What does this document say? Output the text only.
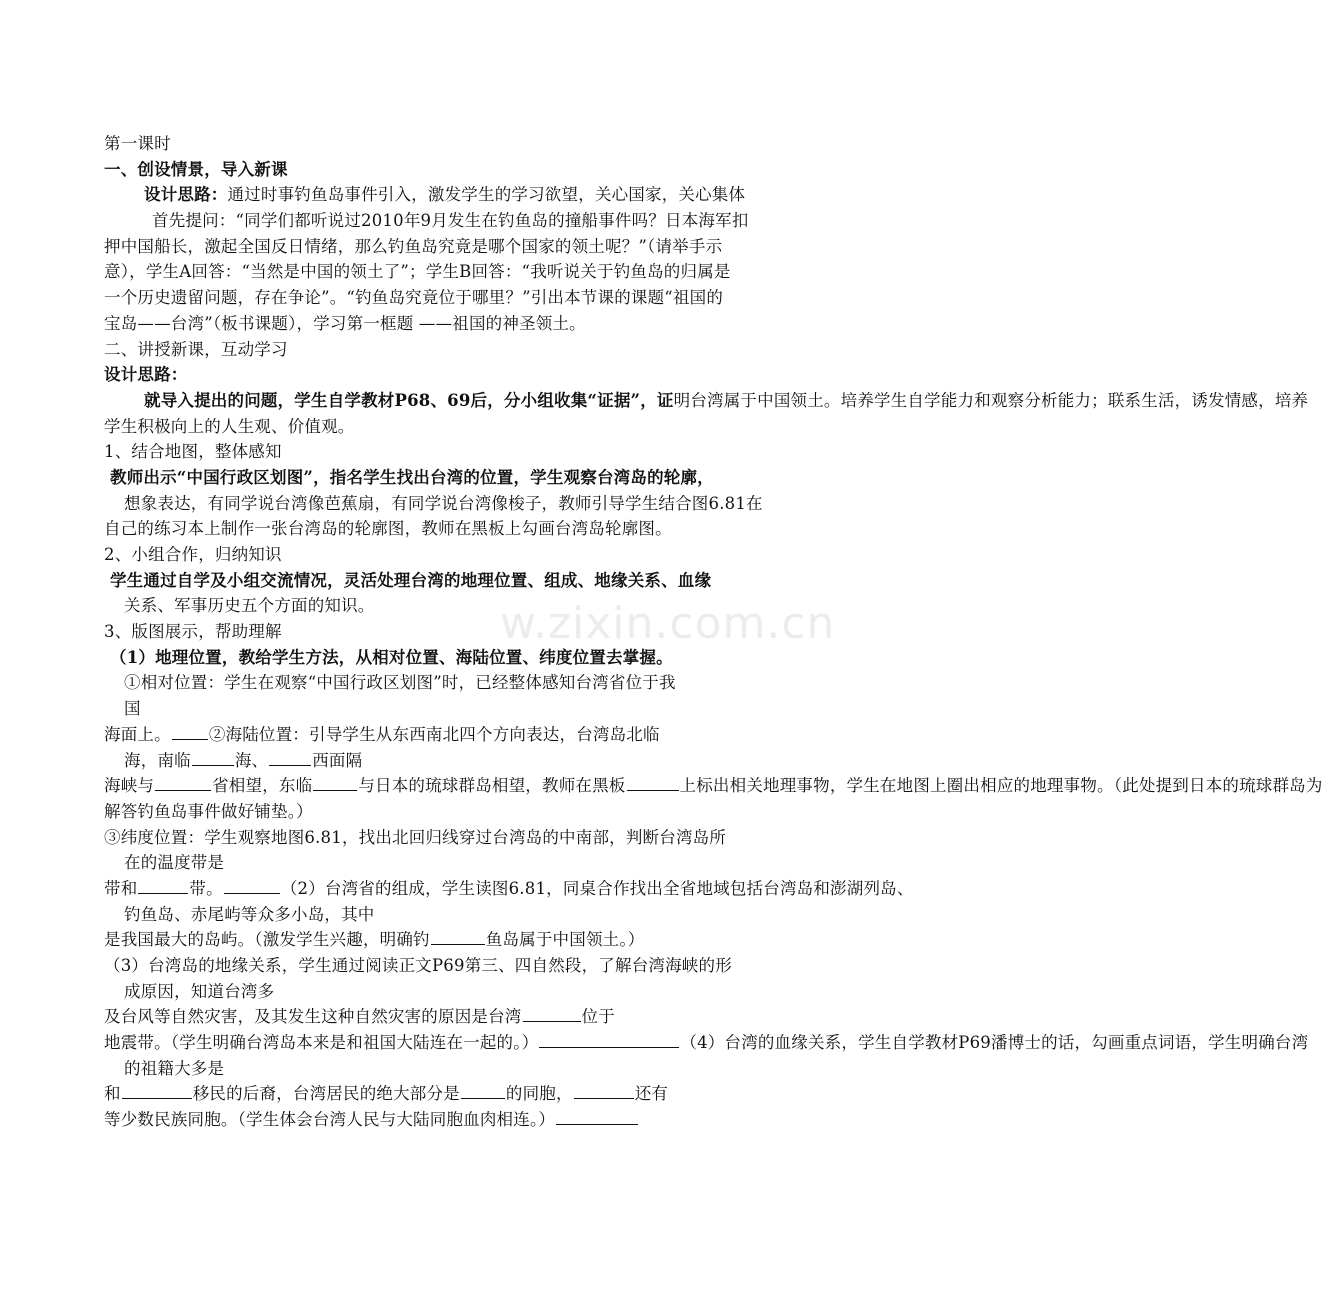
w.zixin.com.cn
第一课时
一、创设情景，导入新课
设计思路：通过时事钓鱼岛事件引入，激发学生的学习欲望，关心国家，关心集体
首先提问：“同学们都听说过2010年9月发生在钓鱼岛的撞船事件吗？日本海军扣
押中国船长，激起全国反日情绪，那么钓鱼岛究竟是哪个国家的领土呢？”（请举手示
意），学生A回答：“当然是中国的领土了”；学生B回答：“我听说关于钓鱼岛的归属是
一个历史遗留问题，存在争论”。“钓鱼岛究竟位于哪里？”引出本节课的课题“祖国的
宝岛——台湾”（板书课题），学习第一框题 ——祖国的神圣领土。
二、讲授新课，互动学习
设计思路：
就导入提出的问题，学生自学教材P68、69后，分小组收集“证据”，证明台湾属于中国领土。培养学生自学能力和观察分析能力；联系生活，诱发情感，培养
学生积极向上的人生观、价值观。
1、结合地图，整体感知
教师出示“中国行政区划图”，指名学生找出台湾的位置，学生观察台湾岛的轮廓，
想象表达，有同学说台湾像芭蕉扇，有同学说台湾像梭子，教师引导学生结合图6.81在
自己的练习本上制作一张台湾岛的轮廓图，教师在黑板上勾画台湾岛轮廓图。
2、小组合作，归纳知识
学生通过自学及小组交流情况，灵活处理台湾的地理位置、组成、地缘关系、血缘
关系、军事历史五个方面的知识。
3、版图展示，帮助理解
（1）地理位置，教给学生方法，从相对位置、海陆位置、纬度位置去掌握。
①相对位置：学生在观察“中国行政区划图”时，已经整体感知台湾省位于我
国
海面上。 ②海陆位置：引导学生从东西南北四个方向表达，台湾岛北临
海，南临	海、	西面隔
海峡与	省相望，东临	与日本的琉球群岛相望，教师在黑板	上标出相关地理事物，学生在地图上圈出相应的地理事物。（此处提到日本的琉球群岛为
解答钓鱼岛事件做好铺垫。）
③纬度位置：学生观察地图6.81，找出北回归线穿过台湾岛的中南部，判断台湾岛所
在的温度带是
带和	带。	（2）台湾省的组成，学生读图6.81，同桌合作找出全省地域包括台湾岛和澎湖列岛、
钓鱼岛、赤尾屿等众多小岛，其中
是我国最大的岛屿。（激发学生兴趣，明确钓	鱼岛属于中国领土。）
（3）台湾岛的地缘关系，学生通过阅读正文P69第三、四自然段，了解台湾海峡的形
成原因，知道台湾多
及台风等自然灾害，及其发生这种自然灾害的原因是台湾	位于
地震带。（学生明确台湾岛本来是和祖国大陆连在一起的。）	（4）台湾的血缘关系，学生自学教材P69潘博士的话，勾画重点词语，学生明确台湾
的祖籍大多是
和	移民的后裔，台湾居民的绝大部分是	的同胞，	还有
等少数民族同胞。（学生体会台湾人民与大陆同胞血肉相连。）
